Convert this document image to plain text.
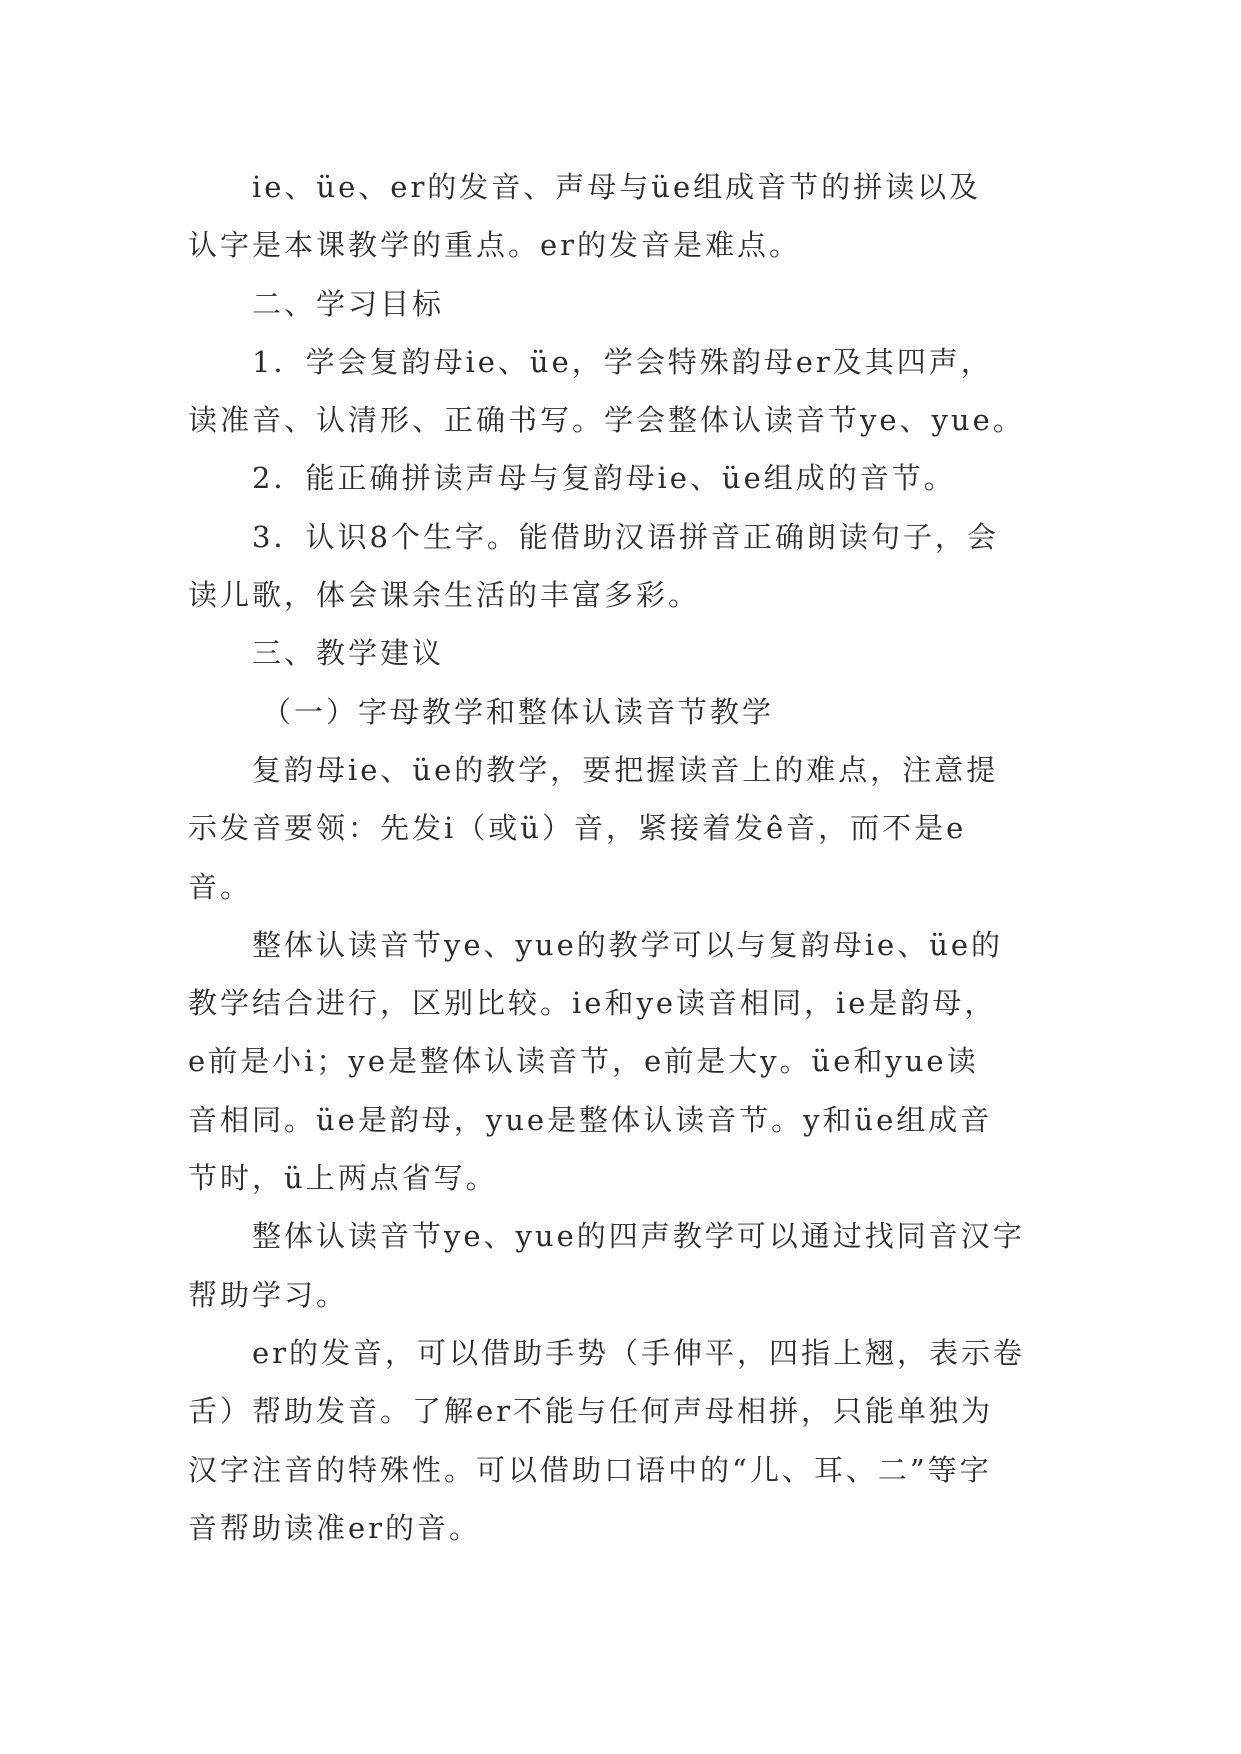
ie、üe、er的发音、声母与üe组成音节的拼读以及
认字是本课教学的重点。er的发音是难点。
二、学习目标
1．学会复韵母ie、üe，学会特殊韵母er及其四声，
读准音、认清形、正确书写。学会整体认读音节ye、yue。
2．能正确拼读声母与复韵母ie、üe组成的音节。
3．认识8个生字。能借助汉语拼音正确朗读句子，会
读儿歌，体会课余生活的丰富多彩。
三、教学建议
（一）字母教学和整体认读音节教学
复韵母ie、üe的教学，要把握读音上的难点，注意提
示发音要领：先发i（或ü）音，紧接着发ê音，而不是e
音。
整体认读音节ye、yue的教学可以与复韵母ie、üe的
教学结合进行，区别比较。ie和ye读音相同，ie是韵母，
e前是小i；ye是整体认读音节，e前是大y。üe和yue读
音相同。üe是韵母，yue是整体认读音节。y和üe组成音
节时，ü上两点省写。
整体认读音节ye、yue的四声教学可以通过找同音汉字
帮助学习。
er的发音，可以借助手势（手伸平，四指上翘，表示卷
舌）帮助发音。了解er不能与任何声母相拼，只能单独为
汉字注音的特殊性。可以借助口语中的“儿、耳、二”等字
音帮助读准er的音。
